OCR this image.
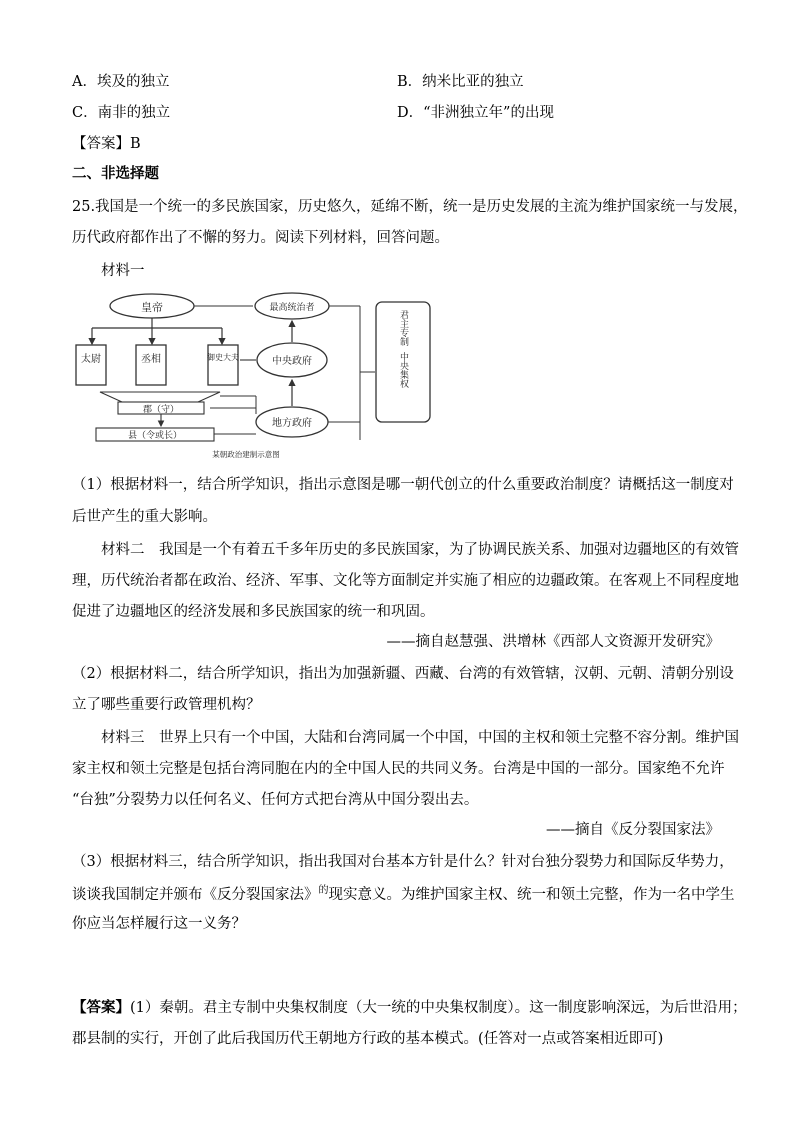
A．埃及的独立	B．纳米比亚的独立
C．南非的独立	D．“非洲独立年”的出现
【答案】B
二、非选择题
25.我国是一个统一的多民族国家，历史悠久，延绵不断，统一是历史发展的主流为维护国家统一与发展，
历代政府都作出了不懈的努力。阅读下列材料，回答问题。
材料一
皇帝
太尉	丞相	御史大夫
郡（守）
县（令或长）
最高统治者
中央政府
地方政府
君主专制
中央集权
某朝政治建制示意图
（1）根据材料一，结合所学知识，指出示意图是哪一朝代创立的什么重要政治制度？请概括这一制度对
后世产生的重大影响。
材料二　我国是一个有着五千多年历史的多民族国家，为了协调民族关系、加强对边疆地区的有效管
理，历代统治者都在政治、经济、军事、文化等方面制定并实施了相应的边疆政策。在客观上不同程度地
促进了边疆地区的经济发展和多民族国家的统一和巩固。
——摘自赵慧强、洪增林《西部人文资源开发研究》
（2）根据材料二，结合所学知识，指出为加强新疆、西藏、台湾的有效管辖，汉朝、元朝、清朝分别设
立了哪些重要行政管理机构？
材料三　世界上只有一个中国，大陆和台湾同属一个中国，中国的主权和领土完整不容分割。维护国
家主权和领土完整是包括台湾同胞在内的全中国人民的共同义务。台湾是中国的一部分。国家绝不允许
“台独”分裂势力以任何名义、任何方式把台湾从中国分裂出去。
——摘自《反分裂国家法》
（3）根据材料三，结合所学知识，指出我国对台基本方针是什么？针对台独分裂势力和国际反华势力，
谈谈我国制定并颁布《反分裂国家法》$^的$现实意义。为维护国家主权、统一和领土完整，作为一名中学生
你应当怎样履行这一义务？
【答案】(1）秦朝。君主专制中央集权制度（大一统的中央集权制度）。这一制度影响深远，为后世沿用；
郡县制的实行，开创了此后我国历代王朝地方行政的基本模式。(任答对一点或答案相近即可)
